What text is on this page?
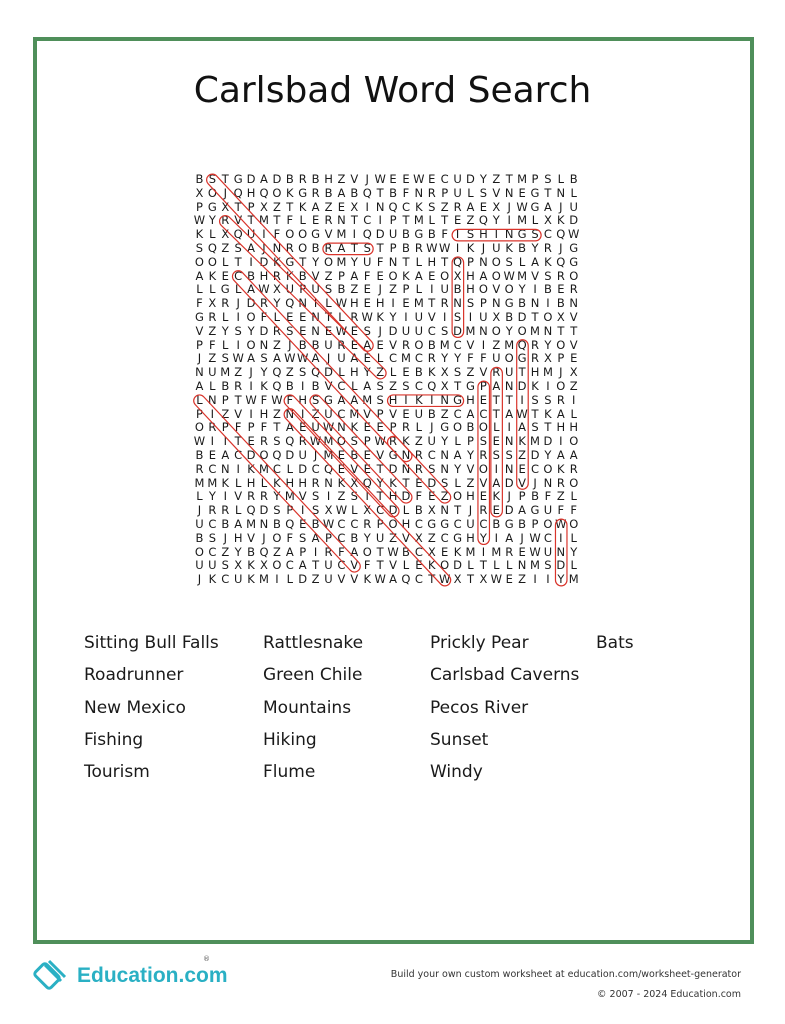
Carlsbad Word Search
B S T G D A D B R B H Z V J W E E W E C U D Y Z T M P S L B
X O J Q H Q O K G R B A B Q T B F N R P U L S V N E G T N L
P G X T P X Z T K A Z E X I N Q C K S Z R A E X J W G A J U
W Y R V T M T F L E R N T C I P T M L T E Z Q Y I M L X K D
K L X Q U I F O O G V M I Q D U B G B F I S H I N G S C Q W
S Q Z S A J N R O B R A T S T P B R W W I K J U K B Y R J G
O O L T I D K G T Y O M Y U F N T L H T Q P N O S L A K Q G
A K E C B H R K B V Z P A F E O K A E O X H A O W M V S R O
L L G L A W X U P U S B Z E J Z P L I U B H O V O Y I B E R
F X R J D R Y Q N I L W H E H I E M T R N S P N G B N I B N
G R L I O F L E E N T L R W K Y I U V I S I U X B D T O X V
V Z Y S Y D R S E N E W E S J D U U C S D M N O Y O M N T T
P F L I O N Z J B B U R E A E V R O B M C V I Z M Q R Y O V
J Z S W A S A W W A J U A E L C M C R Y Y F F U O G R X P E
N U M Z J Y Q Z S Q D L H Y Z L E B K X S Z V R U T H M J X
A L B R I K Q B I B V C L A S Z S C Q X T G P A N D K I O Z
L N P T W F W F H S G A A M S H I K I N G H E T T I S S R I
P I Z V I H Z N I Z U C M V P V E U B Z C A C T A W T K A L
O R P F P F T A E U W N K E E P R L J G O B O L I A S T H H
W I I T E R S Q R W M O S P W R K Z U Y L P S E N K M D I O
B E A C D O Q D U J M E B E V G N R C N A Y R S S Z D Y A A
R C N I K M C L D C Q E V E T D N R S N Y V O I N E C O K R
M M K L H L K H H R N K X Q Y K T E D S L Z V A D V J N R O
L Y I V R R Y M V S I Z S I T H D F E Z O H E K J P B F Z L
J R R L Q D S P I S X W L X C D L B X N T J R E D A G U F F
U C B A M N B Q E B W C C R P O H C G G C U C B G B P O W O
B S J H V J O F S A P C B Y U Z V X Z C G H Y I A J W C I L
O C Z Y B Q Z A P I R F A O T W B C X E K M I M R E W U N Y
U U S X K X O C A T U C V F T V L E K O D L T L L N M S D L
J K C U K M I L D Z U V V K W A Q C T W X T X W E Z I I Y M
Sitting Bull Falls
Roadrunner
New Mexico
Fishing
Tourism
Rattlesnake
Green Chile
Mountains
Hiking
Flume
Prickly Pear
Carlsbad Caverns
Pecos River
Sunset
Windy
Bats
Education.com
®
Build your own custom worksheet at education.com/worksheet-generator
© 2007 - 2024 Education.com
